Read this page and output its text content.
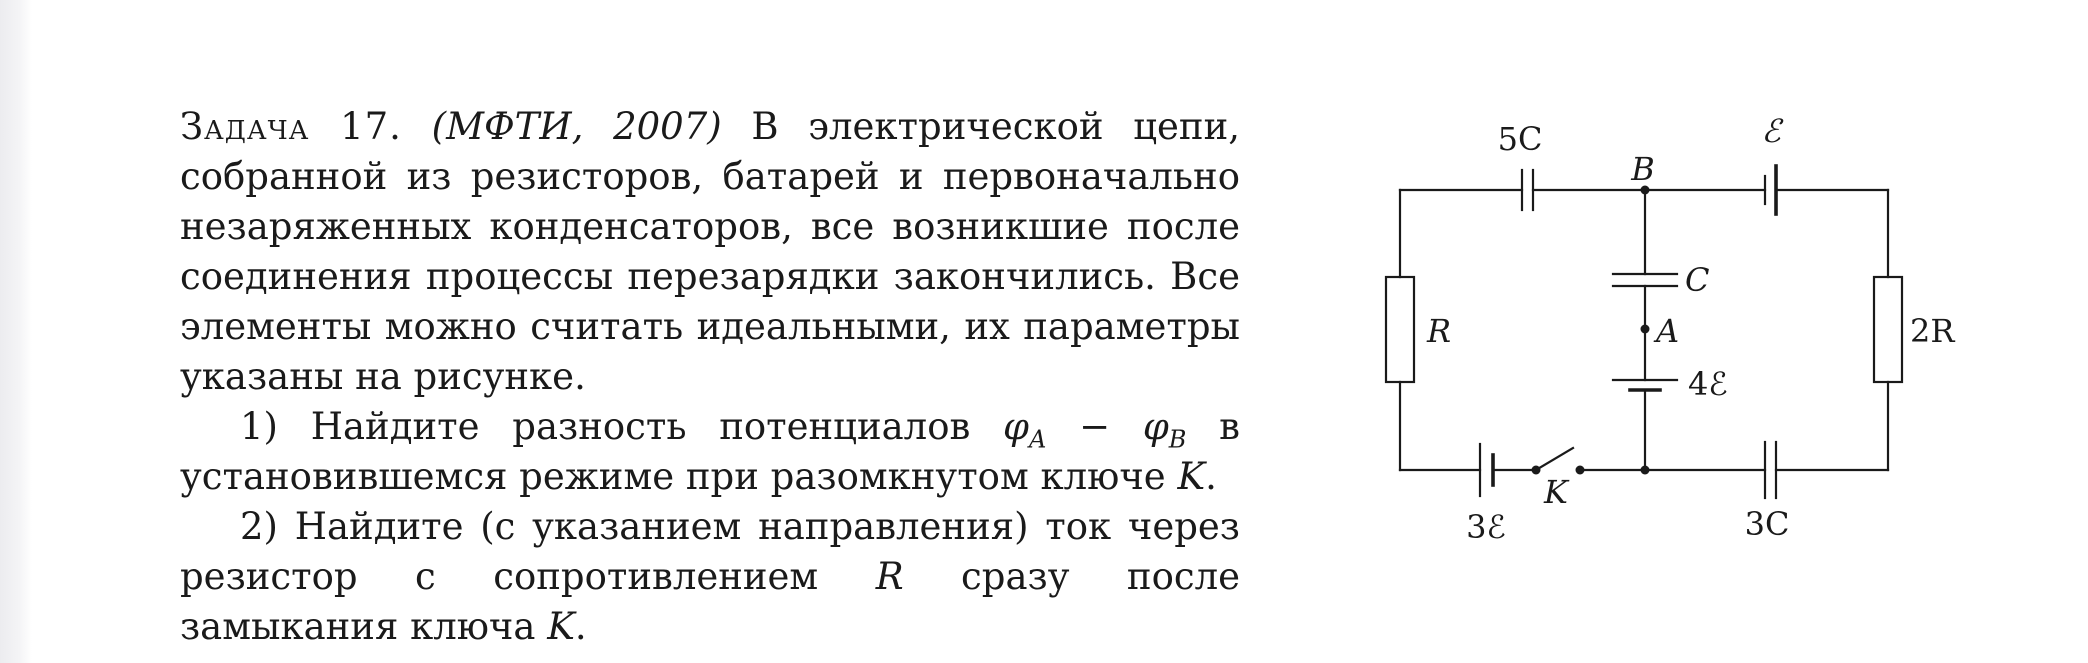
Задача 17. (МФТИ, 2007) В электрической цепи, собранной из резисторов, батарей и первоначально незаряженных конденсаторов, все возникшие после соединения процессы перезарядки закончились. Все элементы можно считать идеальными, их параметры указаны на рисунке.

1) Найдите разность потенциалов $\varphi_A - \varphi_B$ в установившемся режиме при разомкнутом ключе K.

2) Найдите (с указанием направления) ток через резистор с сопротивлением R сразу после замыкания ключа K.

5C
B
ℰ
C
A
4ℰ
R	2R
K
3ℰ	3C
